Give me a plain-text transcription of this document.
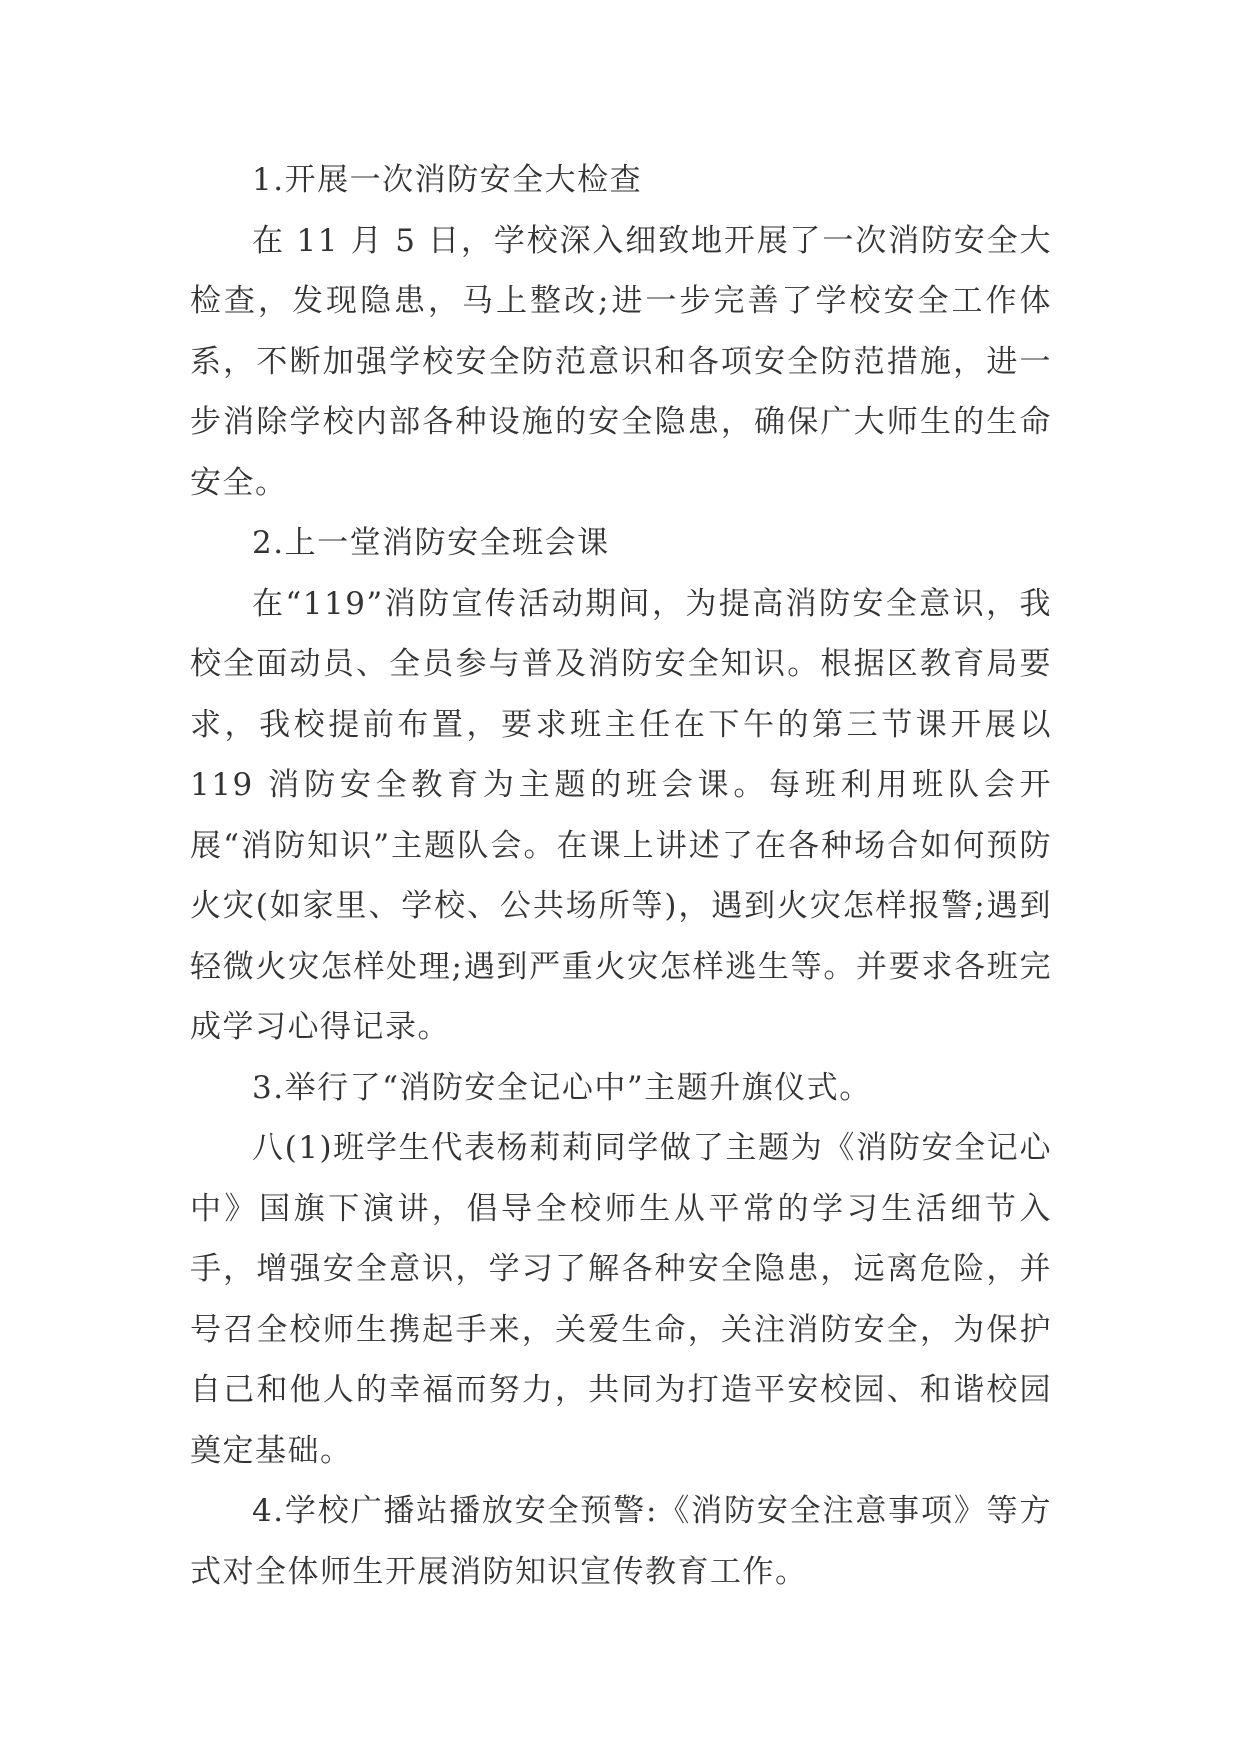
1.开展一次消防安全大检查

在 11 月 5 日，学校深入细致地开展了一次消防安全大检查，发现隐患，马上整改;进一步完善了学校安全工作体系，不断加强学校安全防范意识和各项安全防范措施，进一步消除学校内部各种设施的安全隐患，确保广大师生的生命安全。

2.上一堂消防安全班会课

在“119”消防宣传活动期间，为提高消防安全意识，我校全面动员、全员参与普及消防安全知识。根据区教育局要求，我校提前布置，要求班主任在下午的第三节课开展以 119 消防安全教育为主题的班会课。每班利用班队会开展“消防知识”主题队会。在课上讲述了在各种场合如何预防火灾(如家里、学校、公共场所等)，遇到火灾怎样报警;遇到轻微火灾怎样处理;遇到严重火灾怎样逃生等。并要求各班完成学习心得记录。

3.举行了“消防安全记心中”主题升旗仪式。

八(1)班学生代表杨莉莉同学做了主题为《消防安全记心中》国旗下演讲，倡导全校师生从平常的学习生活细节入手，增强安全意识，学习了解各种安全隐患，远离危险，并号召全校师生携起手来，关爱生命，关注消防安全，为保护自己和他人的幸福而努力，共同为打造平安校园、和谐校园奠定基础。

4.学校广播站播放安全预警:《消防安全注意事项》等方式对全体师生开展消防知识宣传教育工作。
